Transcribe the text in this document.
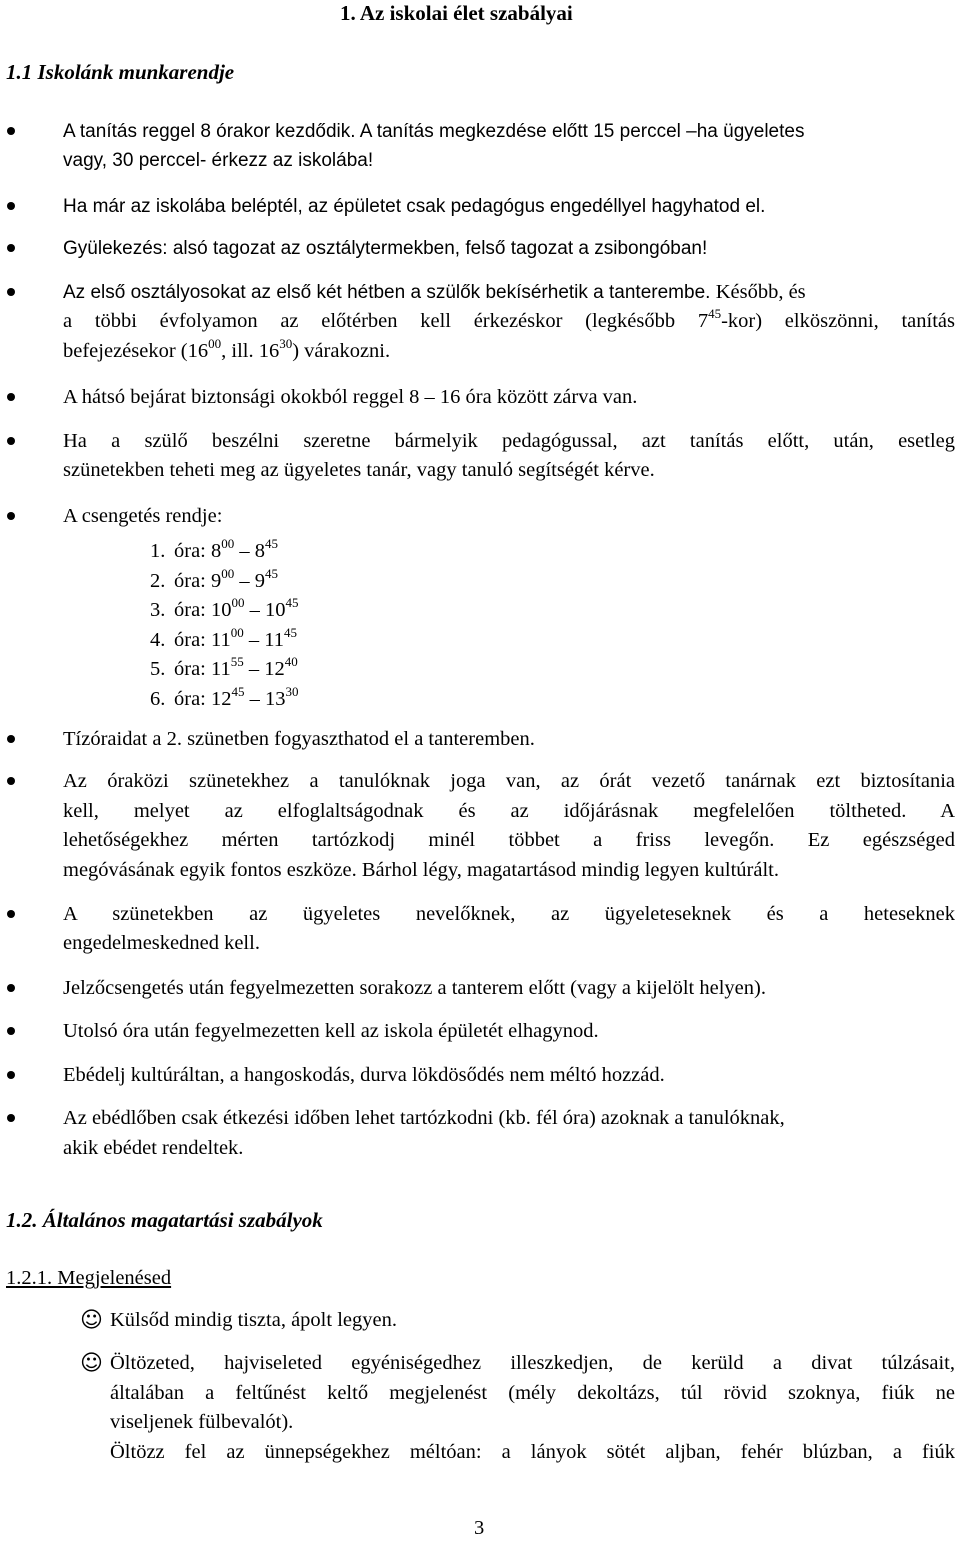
1. Az iskolai élet szabályai
1.1 Iskolánk munkarendje
A tanítás reggel 8 órakor kezdődik. A tanítás megkezdése előtt 15 perccel –ha ügyeletes
vagy, 30 perccel- érkezz az iskolába!
Ha már az iskolába beléptél, az épületet csak pedagógus engedéllyel hagyhatod el.
Gyülekezés: alsó tagozat az osztálytermekben, felső tagozat a zsibongóban!
Az első osztályosokat az első két hétben a szülők bekísérhetik a tanterembe. Később, és
a többi évfolyamon az előtérben kell érkezéskor (legkésőbb $7^{45}-kor$) elköszönni, tanítás
befejezésekor ($16^{00}$, ill. $16^{30}$) várakozni.
A hátsó bejárat biztonsági okokból reggel 8 – 16 óra között zárva van.
Ha a szülő beszélni szeretne bármelyik pedagógussal, azt tanítás előtt, után, esetleg
szünetekben teheti meg az ügyeletes tanár, vagy tanuló segítségét kérve.
A csengetés rendje:
1. óra: $8^{00} - 8^{45}$
2. óra: $9^{00} - 9^{45}$
3. óra: $10^{00} - 10^{45}$
4. óra: $11^{00} - 11^{45}$
5. óra: $11^{55} - 12^{40}$
6. óra: $12^{45} - 13^{30}$
Tízóraidat a 2. szünetben fogyaszthatod el a tanteremben.
Az óraközi szünetekhez a tanulóknak joga van, az órát vezető tanárnak ezt biztosítania
kell, melyet az elfoglaltságodnak és az időjárásnak megfelelően töltheted. A
lehetőségekhez mérten tartózkodj minél többet a friss levegőn. Ez egészséged
megóvásának egyik fontos eszköze. Bárhol légy, magatartásod mindig legyen kultúrált.
A szünetekben az ügyeletes nevelőknek, az ügyeleteseknek és a heteseknek
engedelmeskedned kell.
Jelzőcsengetés után fegyelmezetten sorakozz a tanterem előtt (vagy a kijelölt helyen).
Utolsó óra után fegyelmezetten kell az iskola épületét elhagynod.
Ebédelj kultúráltan, a hangoskodás, durva lökdösődés nem méltó hozzád.
Az ebédlőben csak étkezési időben lehet tartózkodni (kb. fél óra) azoknak a tanulóknak,
akik ebédet rendeltek.
1.2. Általános magatartási szabályok
1.2.1. Megjelenésed
☺ Külsőd mindig tiszta, ápolt legyen.
☺ Öltözeted, hajviseleted egyéniségedhez illeszkedjen, de kerüld a divat túlzásait,
általában a feltűnést keltő megjelenést (mély dekoltázs, túl rövid szoknya, fiúk ne
viseljenek fülbevalót).
Öltözz fel az ünnepségekhez méltóan: a lányok sötét aljban, fehér blúzban, a fiúk
3
